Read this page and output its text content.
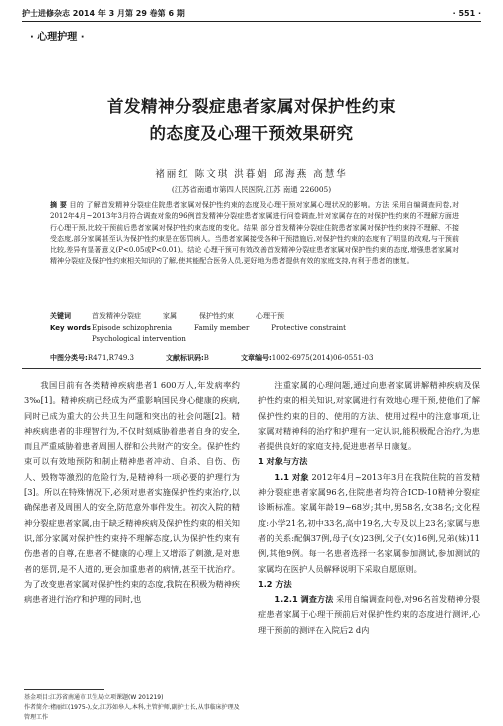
护士进修杂志 2014 年 3 月第 29 卷第 6 期	· 551 ·
· 心理护理 ·
首发精神分裂症患者家属对保护性约束
的态度及心理干预效果研究
褚丽红 陈文琪 洪暮娟 邱海燕 高慧华
(江苏省南通市第四人民医院,江苏 南通 226005)
摘 要 目的 了解首发精神分裂症住院患者家属对保护性约束的态度及心理干预对家属心理状况的影响。方法 采用自编调查问卷,对2012年4月~2013年3月符合调查对象的96例首发精神分裂症患者家属进行问卷调查,针对家属存在的对保护性约束的不理解方面进行心理干预,比较干预前后患者家属对保护性约束态度的变化。结果 部分首发精神分裂症住院患者家属对保护性约束持不理解、不接受态度,部分家属甚至认为保护性约束是在惩罚病人。当患者家属接受各种干预措施后,对保护性约束的态度有了明显的改观,与干预前比较,差异有显著意义(P<0.05或P<0.01)。结论 心理干预可有效改善首发精神分裂症患者家属对保护性约束的态度,增强患者家属对精神分裂症及保护性约束相关知识的了解,使其能配合医务人员,更好地为患者提供有效的家庭支持,有利于患者的康复。
关键词	首发精神分裂症	家属	保护性约束	心理干预
Key words Episode schizophrenia	Family member	Protective constraint
Psychological intervention
中图分类号:R471,R749.3	文献标识码:B	文章编号:1002-6975(2014)06-0551-03

我国目前有各类精神疾病患者1 600万人,年发病率约3‰[1]。精神疾病已经成为严重影响国民身心健康的疾病,同时已成为重大的公共卫生问题和突出的社会问题[2]。精神疾病患者的非理智行为,不仅时刻威胁着患者自身的安全,而且严重威胁着患者周围人群和公共财产的安全。保护性约束可以有效地预防和制止精神患者冲动、自杀、自伤、伤人、毁物等激烈的危险行为,是精神科一项必要的护理行为[3]。所以在特殊情况下,必须对患者实施保护性约束治疗,以确保患者及周围人的安全,防范意外事件发生。初次入院的精神分裂症患者家属,由于缺乏精神疾病及保护性约束的相关知识,部分家属对保护性约束持不理解态度,认为保护性约束有伤患者的自尊,在患者不健康的心理上又增添了刺激,是对患者的惩罚,是不人道的,更会加重患者的病情,甚至干扰治疗。为了改变患者家属对保护性约束的态度,我院在积极为精神疾病患者进行治疗和护理的同时,也

注重家属的心理问题,通过向患者家属讲解精神疾病及保护性约束的相关知识,对家属进行有效地心理干预,使他们了解保护性约束的目的、使用的方法、使用过程中的注意事项,让家属对精神科的治疗和护理有一定认识,能积极配合治疗,为患者提供良好的家庭支持,促进患者早日康复。

1 对象与方法

1.1 对象 2012年4月~2013年3月在我院住院的首发精神分裂症患者家属96名,住院患者均符合ICD-10精神分裂症诊断标准。家属年龄19~68岁;其中,男58名,女38名;文化程度:小学21名,初中33名,高中19名,大专及以上23名;家属与患者的关系:配偶37例,母子(女)23例,父子(女)16例,兄弟(妹)11例,其他9例。每一名患者选择一名家属参加测试,参加测试的家属均在医护人员解释说明下采取自愿原则。

1.2 方法

1.2.1 调查方法 采用自编调查问卷,对96名首发精神分裂症患者家属于心理干预前后对保护性约束的态度进行测评,心理干预前的测评在入院后2 d内

基金项目:江苏省南通市卫生局立项课题(W 201219)
作者简介:褚丽红(1975-),女,江苏如皋人,本科,主管护师,副护士长,从事临床护理及管理工作
